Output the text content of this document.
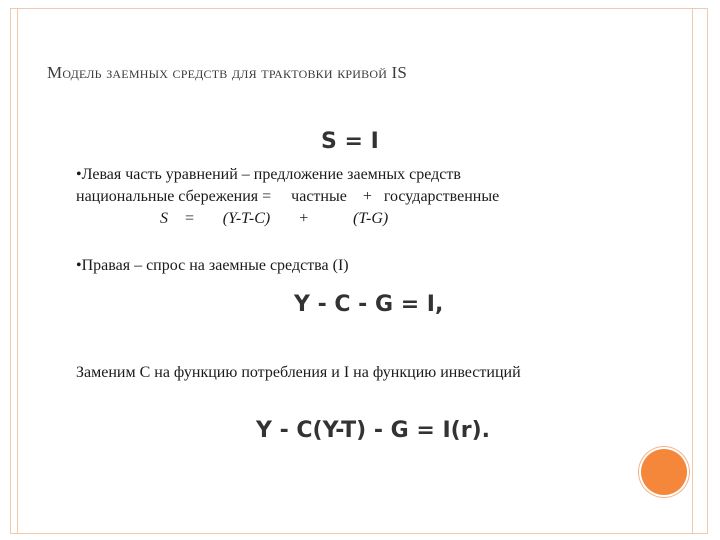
Модель заемных средств для трактовки кривой IS
S = I
•Левая часть уравнений – предложение заемных средств
национальные сбережения =     частные    +   государственные
S    =       (Y-T-C)       +           (T-G)
•Правая – спрос на заемные средства (I)
Y - C - G = I,
Заменим С на функцию потребления и I на функцию инвестиций
Y - C(Y-T) - G = I(r).
